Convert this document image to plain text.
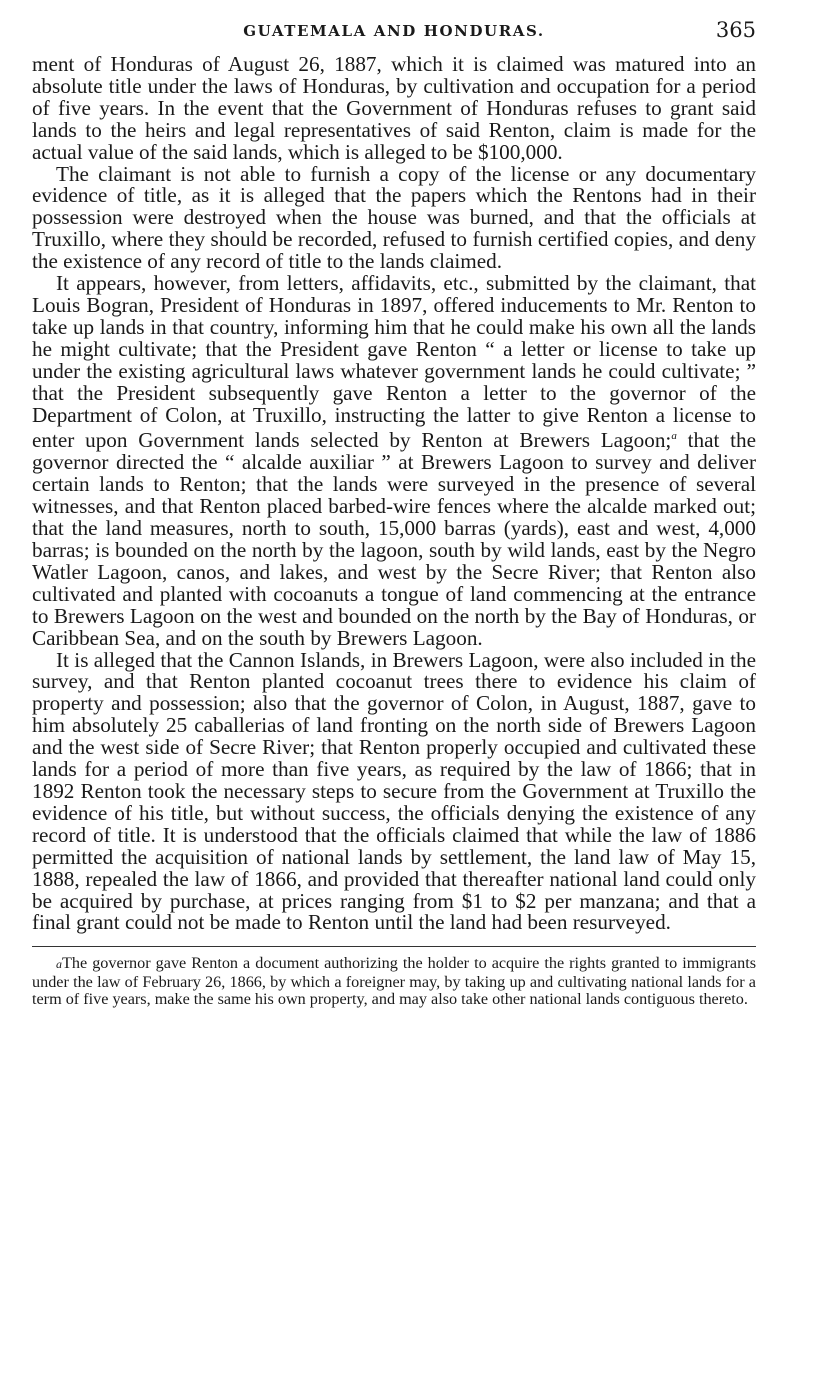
GUATEMALA AND HONDURAS.	365

ment of Honduras of August 26, 1887, which it is claimed was matured into an absolute title under the laws of Honduras, by cultivation and occupation for a period of five years. In the event that the Government of Honduras refuses to grant said lands to the heirs and legal representatives of said Renton, claim is made for the actual value of the said lands, which is alleged to be $100,000.

The claimant is not able to furnish a copy of the license or any documentary evidence of title, as it is alleged that the papers which the Rentons had in their possession were destroyed when the house was burned, and that the officials at Truxillo, where they should be recorded, refused to furnish certified copies, and deny the existence of any record of title to the lands claimed.

It appears, however, from letters, affidavits, etc., submitted by the claimant, that Louis Bogran, President of Honduras in 1897, offered inducements to Mr. Renton to take up lands in that country, informing him that he could make his own all the lands he might cultivate; that the President gave Renton “ a letter or license to take up under the existing agricultural laws whatever government lands he could cultivate; ” that the President subsequently gave Renton a letter to the governor of the Department of Colon, at Truxillo, instructing the latter to give Renton a license to enter upon Government lands selected by Renton at Brewers Lagoon;$^a$ that the governor directed the “ alcalde auxiliar ” at Brewers Lagoon to survey and deliver certain lands to Renton; that the lands were surveyed in the presence of several witnesses, and that Renton placed barbed-wire fences where the alcalde marked out; that the land measures, north to south, 15,000 barras (yards), east and west, 4,000 barras; is bounded on the north by the lagoon, south by wild lands, east by the Negro Watler Lagoon, canos, and lakes, and west by the Secre River; that Renton also cultivated and planted with cocoanuts a tongue of land commencing at the entrance to Brewers Lagoon on the west and bounded on the north by the Bay of Honduras, or Caribbean Sea, and on the south by Brewers Lagoon.

It is alleged that the Cannon Islands, in Brewers Lagoon, were also included in the survey, and that Renton planted cocoanut trees there to evidence his claim of property and possession; also that the governor of Colon, in August, 1887, gave to him absolutely 25 caballerias of land fronting on the north side of Brewers Lagoon and the west side of Secre River; that Renton properly occupied and cultivated these lands for a period of more than five years, as required by the law of 1866; that in 1892 Renton took the necessary steps to secure from the Government at Truxillo the evidence of his title, but without success, the officials denying the existence of any record of title. It is understood that the officials claimed that while the law of 1886 permitted the acquisition of national lands by settlement, the land law of May 15, 1888, repealed the law of 1866, and provided that thereafter national land could only be acquired by purchase, at prices ranging from $1 to $2 per manzana; and that a final grant could not be made to Renton until the land had been resurveyed.

aThe governor gave Renton a document authorizing the holder to acquire the rights granted to immigrants under the law of February 26, 1866, by which a foreigner may, by taking up and cultivating national lands for a term of five years, make the same his own property, and may also take other national lands contiguous thereto.
